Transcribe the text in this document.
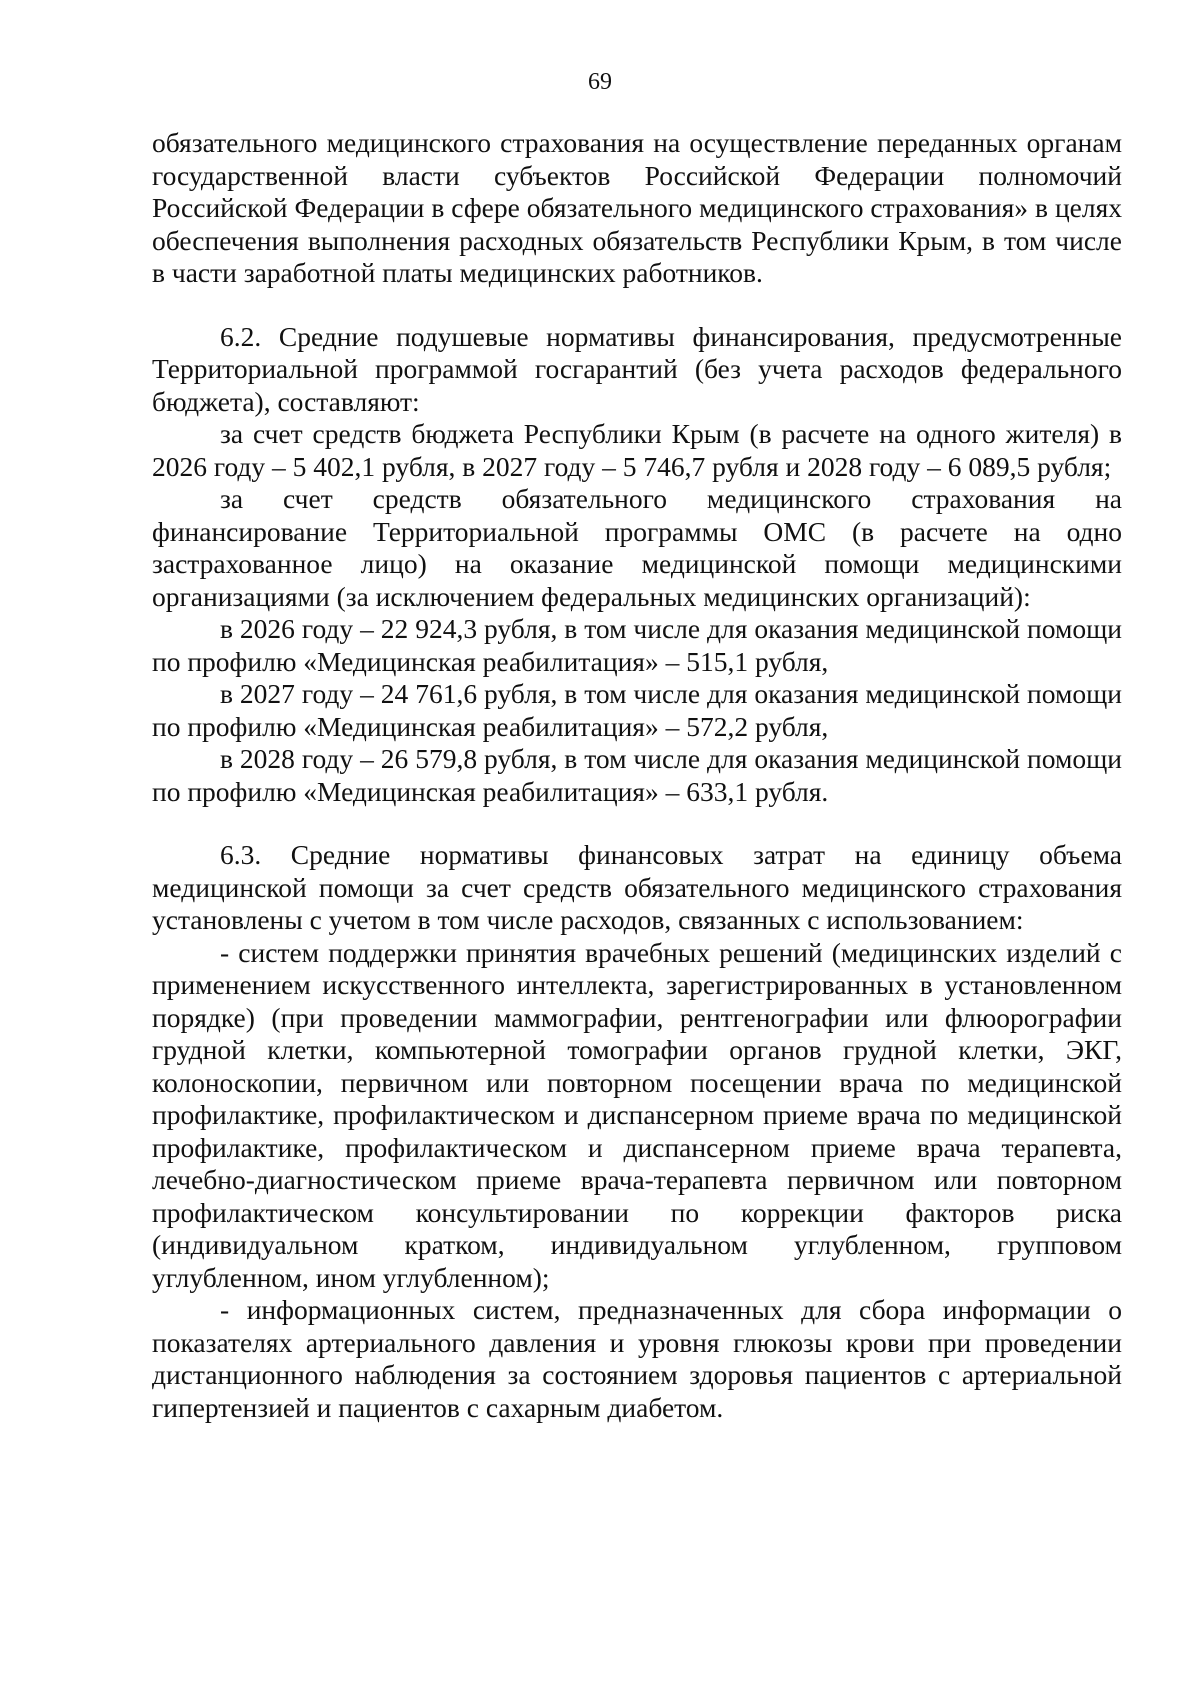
69

обязательного медицинского страхования на осуществление переданных органам государственной власти субъектов Российской Федерации полномочий Российской Федерации в сфере обязательного медицинского страхования» в целях обеспечения выполнения расходных обязательств Республики Крым, в том числе в части заработной платы медицинских работников.

6.2. Средние подушевые нормативы финансирования, предусмотренные Территориальной программой госгарантий (без учета расходов федерального бюджета), составляют:

за счет средств бюджета Республики Крым (в расчете на одного жителя) в 2026 году – 5 402,1 рубля, в 2027 году – 5 746,7 рубля и 2028 году – 6 089,5 рубля;

за счет средств обязательного медицинского страхования на финансирование Территориальной программы ОМС (в расчете на одно застрахованное лицо) на оказание медицинской помощи медицинскими организациями (за исключением федеральных медицинских организаций):

в 2026 году – 22 924,3 рубля, в том числе для оказания медицинской помощи по профилю «Медицинская реабилитация» – 515,1 рубля,

в 2027 году – 24 761,6 рубля, в том числе для оказания медицинской помощи по профилю «Медицинская реабилитация» – 572,2 рубля,

в 2028 году – 26 579,8 рубля, в том числе для оказания медицинской помощи по профилю «Медицинская реабилитация» – 633,1 рубля.

6.3. Средние нормативы финансовых затрат на единицу объема медицинской помощи за счет средств обязательного медицинского страхования установлены с учетом в том числе расходов, связанных с использованием:

- систем поддержки принятия врачебных решений (медицинских изделий с применением искусственного интеллекта, зарегистрированных в установленном порядке) (при проведении маммографии, рентгенографии или флюорографии грудной клетки, компьютерной томографии органов грудной клетки, ЭКГ, колоноскопии, первичном или повторном посещении врача по медицинской профилактике, профилактическом и диспансерном приеме врача по медицинской профилактике, профилактическом и диспансерном приеме врача терапевта, лечебно-диагностическом приеме врача-терапевта первичном или повторном профилактическом консультировании по коррекции факторов риска (индивидуальном кратком, индивидуальном углубленном, групповом углубленном, ином углубленном);

- информационных систем, предназначенных для сбора информации о показателях артериального давления и уровня глюкозы крови при проведении дистанционного наблюдения за состоянием здоровья пациентов с артериальной гипертензией и пациентов с сахарным диабетом.
